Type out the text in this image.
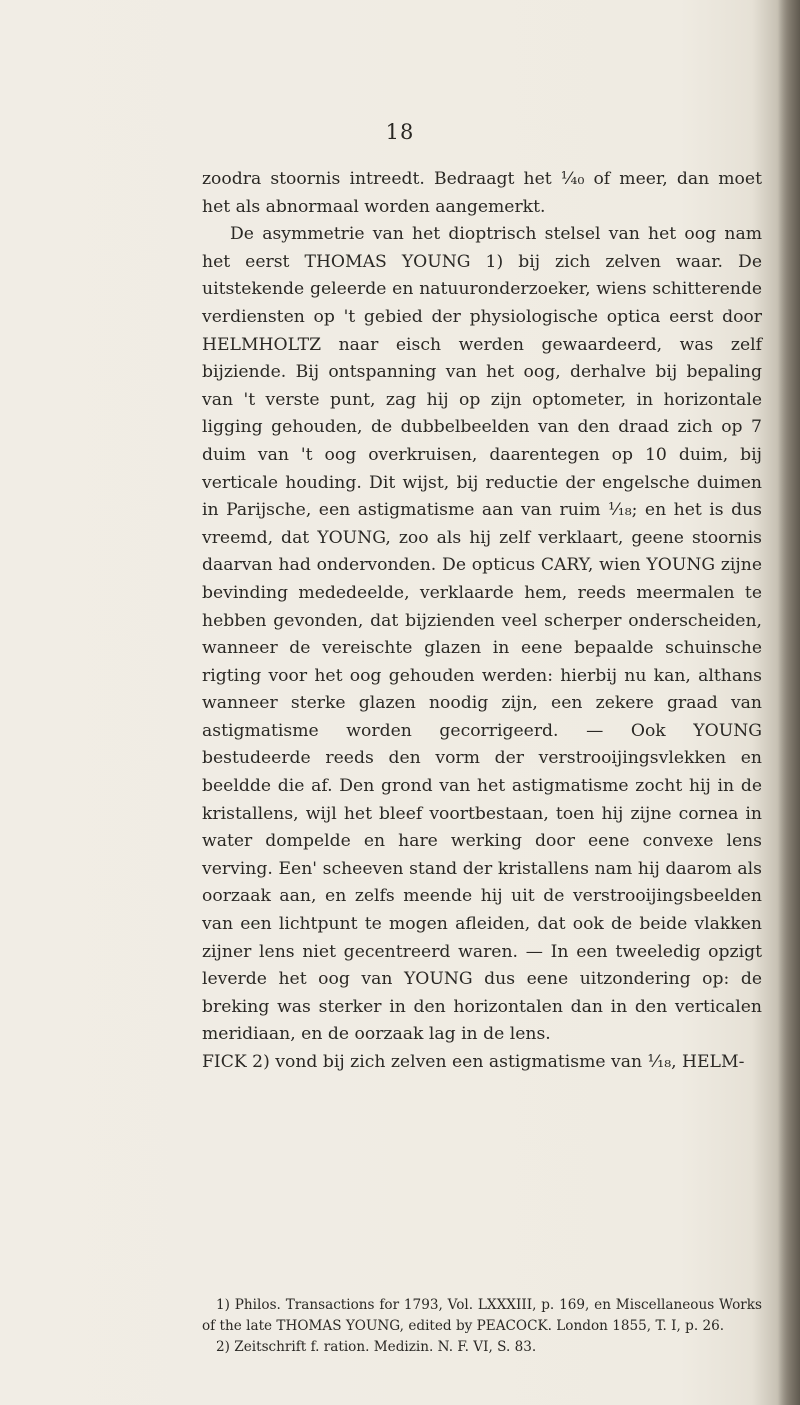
18

zoodra stoornis intreedt. Bedraagt het ¹⁄₄₀ of meer, dan moet het als abnormaal worden aangemerkt.

De asymmetrie van het dioptrisch stelsel van het oog nam het eerst THOMAS YOUNG 1) bij zich zelven waar. De uitstekende geleerde en natuuronderzoeker, wiens schitterende verdiensten op 't gebied der physiologische optica eerst door HELMHOLTZ naar eisch werden gewaardeerd, was zelf bijziende. Bij ontspanning van het oog, derhalve bij bepaling van 't verste punt, zag hij op zijn optometer, in horizontale ligging gehouden, de dubbelbeelden van den draad zich op 7 duim van 't oog overkruisen, daarentegen op 10 duim, bij verticale houding. Dit wijst, bij reductie der engelsche duimen in Parijsche, een astigmatisme aan van ruim ¹⁄₁₈; en het is dus vreemd, dat YOUNG, zoo als hij zelf verklaart, geene stoornis daarvan had ondervonden. De opticus CARY, wien YOUNG zijne bevinding mededeelde, verklaarde hem, reeds meermalen te hebben gevonden, dat bijzienden veel scherper onderscheiden, wanneer de vereischte glazen in eene bepaalde schuinsche rigting voor het oog gehouden werden: hierbij nu kan, althans wanneer sterke glazen noodig zijn, een zekere graad van astigmatisme worden gecorrigeerd. — Ook YOUNG bestudeerde reeds den vorm der verstrooijingsvlekken en beeldde die af. Den grond van het astigmatisme zocht hij in de kristallens, wijl het bleef voortbestaan, toen hij zijne cornea in water dompelde en hare werking door eene convexe lens verving. Een' scheeven stand der kristallens nam hij daarom als oorzaak aan, en zelfs meende hij uit de verstrooijingsbeelden van een lichtpunt te mogen afleiden, dat ook de beide vlakken zijner lens niet gecentreerd waren. — In een tweeledig opzigt leverde het oog van YOUNG dus eene uitzondering op: de breking was sterker in den horizontalen dan in den verticalen meridiaan, en de oorzaak lag in de lens.

FICK 2) vond bij zich zelven een astigmatisme van ¹⁄₁₈, HELM-

1) Philos. Transactions for 1793, Vol. LXXXIII, p. 169, en Miscellaneous Works of the late THOMAS YOUNG, edited by PEACOCK. London 1855, T. I, p. 26.

2) Zeitschrift f. ration. Medizin. N. F. VI, S. 83.
